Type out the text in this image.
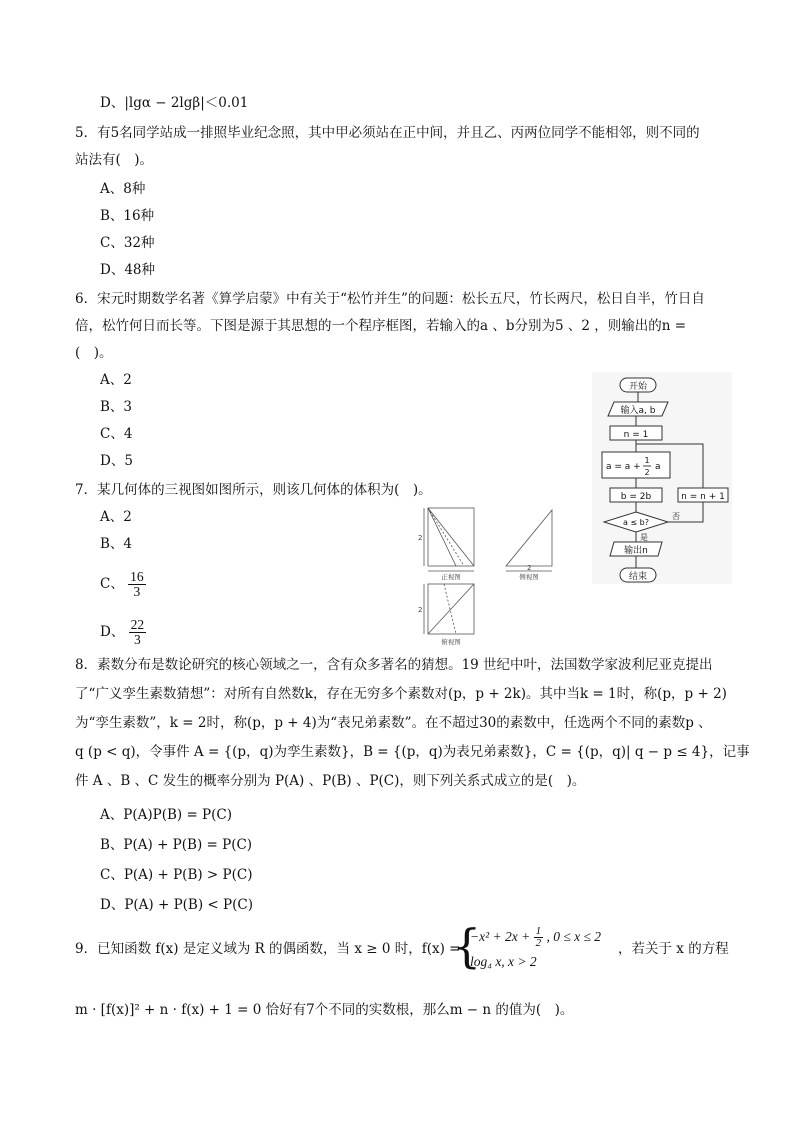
D、|lgα − 2lgβ|＜0.01
5．有5名同学站成一排照毕业纪念照，其中甲必须站在正中间，并且乙、丙两位同学不能相邻，则不同的
站法有(　)。
A、8种
B、16种
C、32种
D、48种
6．宋元时期数学名著《算学启蒙》中有关于“松竹并生”的问题：松长五尺，竹长两尺，松日自半，竹日自
倍，松竹何日而长等。下图是源于其思想的一个程序框图，若输入的a 、b分别为5 、2 ，则输出的n =
(　)。
A、2
B、3
C、4
D、5
开始
输入a, b
n = 1
a = a +
1
2
a
b = 2b
a ≤ b?
是
否
n = n + 1
输出n
结束
7．某几何体的三视图如图所示，则该几何体的体积为(　)。
A、2
B、4
C、 $\frac{16}{3}$
D、 $\frac{22}{3}$
2
2
2
正视图	侧视图
俯视图
8．素数分布是数论研究的核心领域之一，含有众多著名的猜想。19 世纪中叶，法国数学家波利尼亚克提出
了“广义孪生素数猜想”：对所有自然数k，存在无穷多个素数对(p，p + 2k)。其中当k = 1时，称(p，p + 2)
为“孪生素数”，k = 2时，称(p，p + 4)为“表兄弟素数”。在不超过30的素数中，任选两个不同的素数p 、
q (p < q)，令事件 A = {(p，q)为孪生素数}，B = {(p，q)为表兄弟素数}，C = {(p，q)| q − p ≤ 4}，记事
件 A 、B 、C 发生的概率分别为 P(A) 、P(B) 、P(C)，则下列关系式成立的是(　)。
A、P(A)P(B) = P(C)
B、P(A) + P(B) = P(C)
C、P(A) + P(B) > P(C)
D、P(A) + P(B) < P(C)
9．已知函数 f(x) 是定义域为 R 的偶函数，当 x ≥ 0 时，f(x) =
{
$-x^2 + 2x + \frac{1}{2}$ , 0 ≤ x ≤ 2
log₄ x, x > 2
，若关于 x 的方程
m · [f(x)]² + n · f(x) + 1 = 0 恰好有7个不同的实数根，那么m − n 的值为(　)。
